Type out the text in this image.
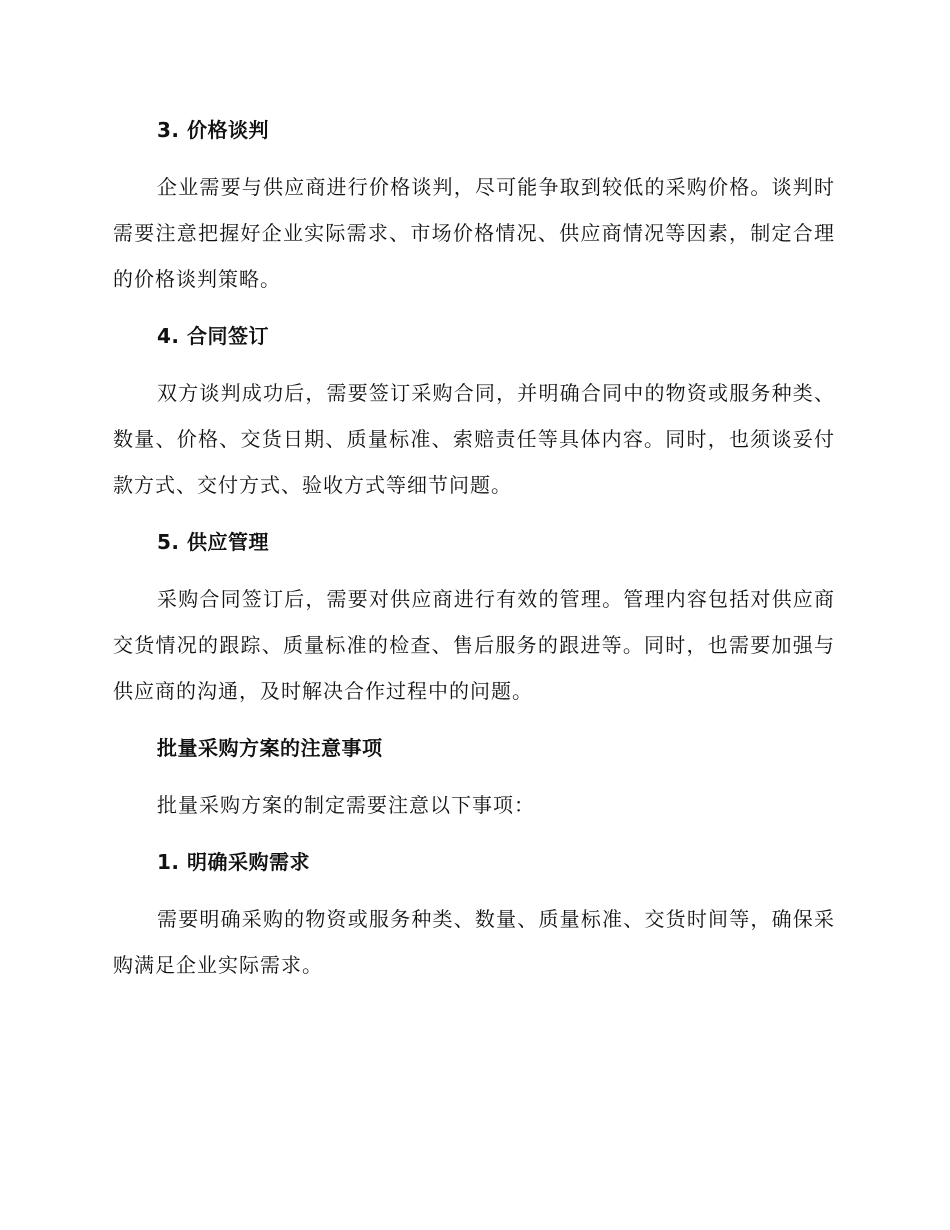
3. 价格谈判

企业需要与供应商进行价格谈判，尽可能争取到较低的采购价格。谈判时需要注意把握好企业实际需求、市场价格情况、供应商情况等因素，制定合理的价格谈判策略。

4. 合同签订

双方谈判成功后，需要签订采购合同，并明确合同中的物资或服务种类、数量、价格、交货日期、质量标准、索赔责任等具体内容。同时，也须谈妥付款方式、交付方式、验收方式等细节问题。

5. 供应管理

采购合同签订后，需要对供应商进行有效的管理。管理内容包括对供应商交货情况的跟踪、质量标准的检查、售后服务的跟进等。同时，也需要加强与供应商的沟通，及时解决合作过程中的问题。

批量采购方案的注意事项

批量采购方案的制定需要注意以下事项：

1. 明确采购需求

需要明确采购的物资或服务种类、数量、质量标准、交货时间等，确保采购满足企业实际需求。
